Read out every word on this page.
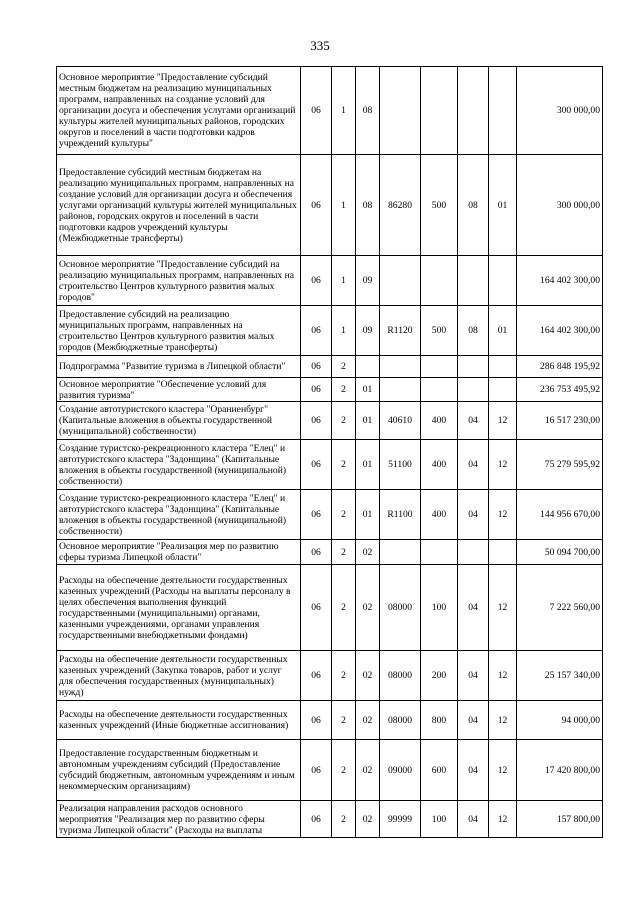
335
Основное мероприятие "Предоставление субсидий местным бюджетам на реализацию муниципальных программ, направленных на создание условий для организации досуга и обеспечения услугами организаций культуры жителей муниципальных районов, городских округов и поселений в части подготовки кадров учреждений культуры"	06	1	08					300 000,00
Предоставление субсидий местным бюджетам на реализацию муниципальных программ, направленных на создание условий для организации досуга и обеспечения услугами организаций культуры жителей муниципальных районов, городских округов и поселений в части подготовки кадров учреждений культуры (Межбюджетные трансферты)	06	1	08	86280	500	08	01	300 000,00
Основное мероприятие "Предоставление субсидий на реализацию муниципальных программ, направленных на строительство Центров культурного развития малых городов"	06	1	09					164 402 300,00
Предоставление субсидий на реализацию муниципальных программ, направленных на строительство Центров культурного развития малых городов (Межбюджетные трансферты)	06	1	09	R1120	500	08	01	164 402 300,00
Подпрограмма "Развитие туризма в Липецкой области"	06	2						286 848 195,92
Основное мероприятие "Обеспечение условий для развития туризма"	06	2	01					236 753 495,92
Создание автотуристского кластера "Ораниенбург" (Капитальные вложения в объекты государственной (муниципальной) собственности)	06	2	01	40610	400	04	12	16 517 230,00
Создание туристско-рекреационного кластера "Елец" и автотуристского кластера "Задонщина" (Капитальные вложения в объекты государственной (муниципальной) собственности)	06	2	01	51100	400	04	12	75 279 595,92
Создание туристско-рекреационного кластера "Елец" и автотуристского кластера "Задонщина" (Капитальные вложения в объекты государственной (муниципальной) собственности)	06	2	01	R1100	400	04	12	144 956 670,00
Основное мероприятие "Реализация мер по развитию сферы туризма Липецкой области"	06	2	02					50 094 700,00
Расходы на обеспечение деятельности государственных казенных учреждений (Расходы на выплаты персоналу в целях обеспечения выполнения функций государственными (муниципальными) органами, казенными учреждениями, органами управления государственными внебюджетными фондами)	06	2	02	08000	100	04	12	7 222 560,00
Расходы на обеспечение деятельности государственных казенных учреждений (Закупка товаров, работ и услуг для обеспечения государственных (муниципальных) нужд)	06	2	02	08000	200	04	12	25 157 340,00
Расходы на обеспечение деятельности государственных казенных учреждений (Иные бюджетные ассигнования)	06	2	02	08000	800	04	12	94 000,00
Предоставление государственным бюджетным и автономным учреждениям субсидий (Предоставление субсидий бюджетным, автономным учреждениям и иным некоммерческим организациям)	06	2	02	09000	600	04	12	17 420 800,00
Реализация направления расходов основного мероприятия "Реализация мер по развитию сферы туризма Липецкой области" (Расходы на выплаты	06	2	02	99999	100	04	12	157 800,00
